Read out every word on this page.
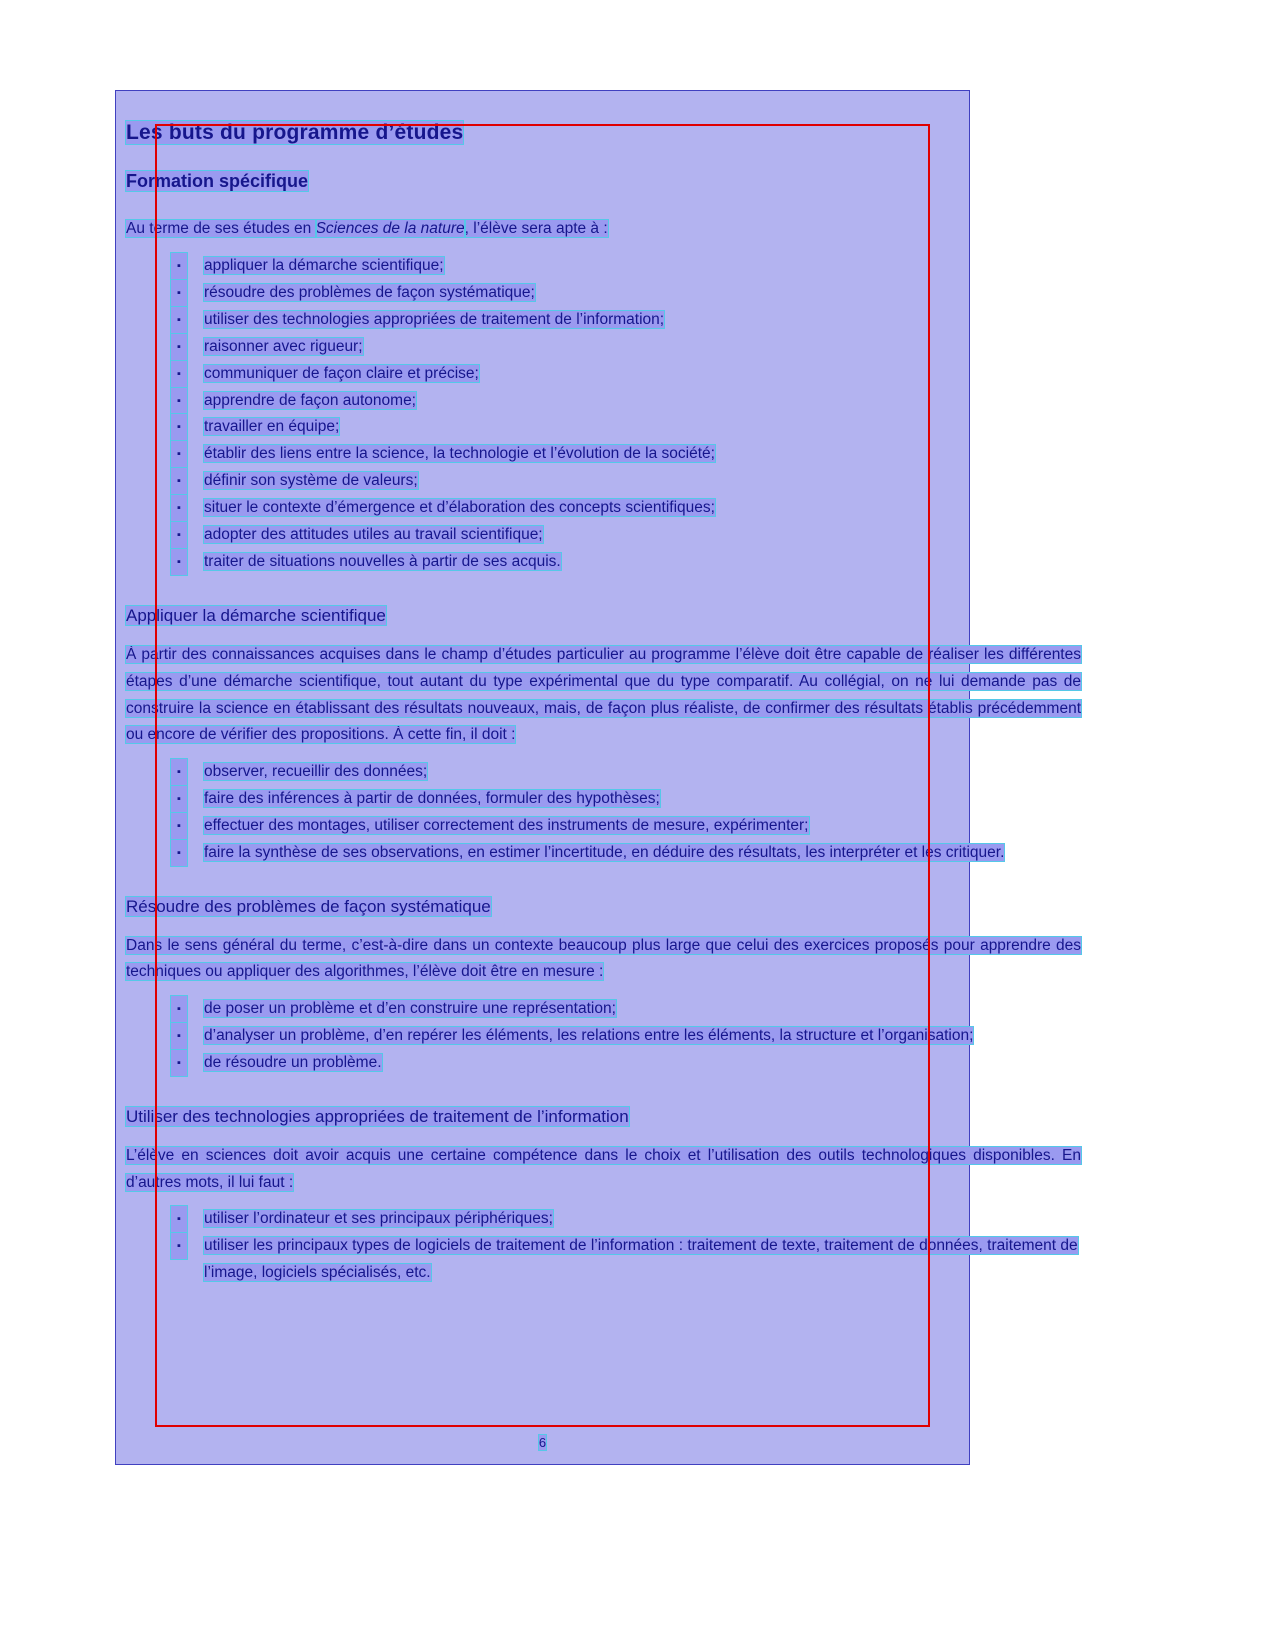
Les buts du programme d’études
Formation spécifique

Au terme de ses études en Sciences de la nature, l’élève sera apte à :

▪	appliquer la démarche scientifique;
▪	résoudre des problèmes de façon systématique;
▪	utiliser des technologies appropriées de traitement de l’information;
▪	raisonner avec rigueur;
▪	communiquer de façon claire et précise;
▪	apprendre de façon autonome;
▪	travailler en équipe;
▪	établir des liens entre la science, la technologie et l’évolution de la société;
▪	définir son système de valeurs;
▪	situer le contexte d’émergence et d’élaboration des concepts scientifiques;
▪	adopter des attitudes utiles au travail scientifique;
▪	traiter de situations nouvelles à partir de ses acquis.
Appliquer la démarche scientifique

À partir des connaissances acquises dans le champ d’études particulier au programme l’élève doit être capable de réaliser les différentes étapes d’une démarche scientifique, tout autant du type expérimental que du type comparatif. Au collégial, on ne lui demande pas de construire la science en établissant des résultats nouveaux, mais, de façon plus réaliste, de confirmer des résultats établis précédemment ou encore de vérifier des propositions. À cette fin, il doit :

▪	observer, recueillir des données;
▪	faire des inférences à partir de données, formuler des hypothèses;
▪	effectuer des montages, utiliser correctement des instruments de mesure, expérimenter;
▪	faire la synthèse de ses observations, en estimer l’incertitude, en déduire des résultats, les interpréter et les critiquer.
Résoudre des problèmes de façon systématique

Dans le sens général du terme, c’est-à-dire dans un contexte beaucoup plus large que celui des exercices proposés pour apprendre des techniques ou appliquer des algorithmes, l’élève doit être en mesure :

▪	de poser un problème et d’en construire une représentation;
▪	d’analyser un problème, d’en repérer les éléments, les relations entre les éléments, la structure et l’organisation;
▪	de résoudre un problème.
Utiliser des technologies appropriées de traitement de l’information

L’élève en sciences doit avoir acquis une certaine compétence dans le choix et l’utilisation des outils technologiques disponibles. En d’autres mots, il lui faut :

▪	utiliser l’ordinateur et ses principaux périphériques;
▪	utiliser les principaux types de logiciels de traitement de l’information : traitement de texte, traitement de données, traitement de l’image, logiciels spécialisés, etc.
6
